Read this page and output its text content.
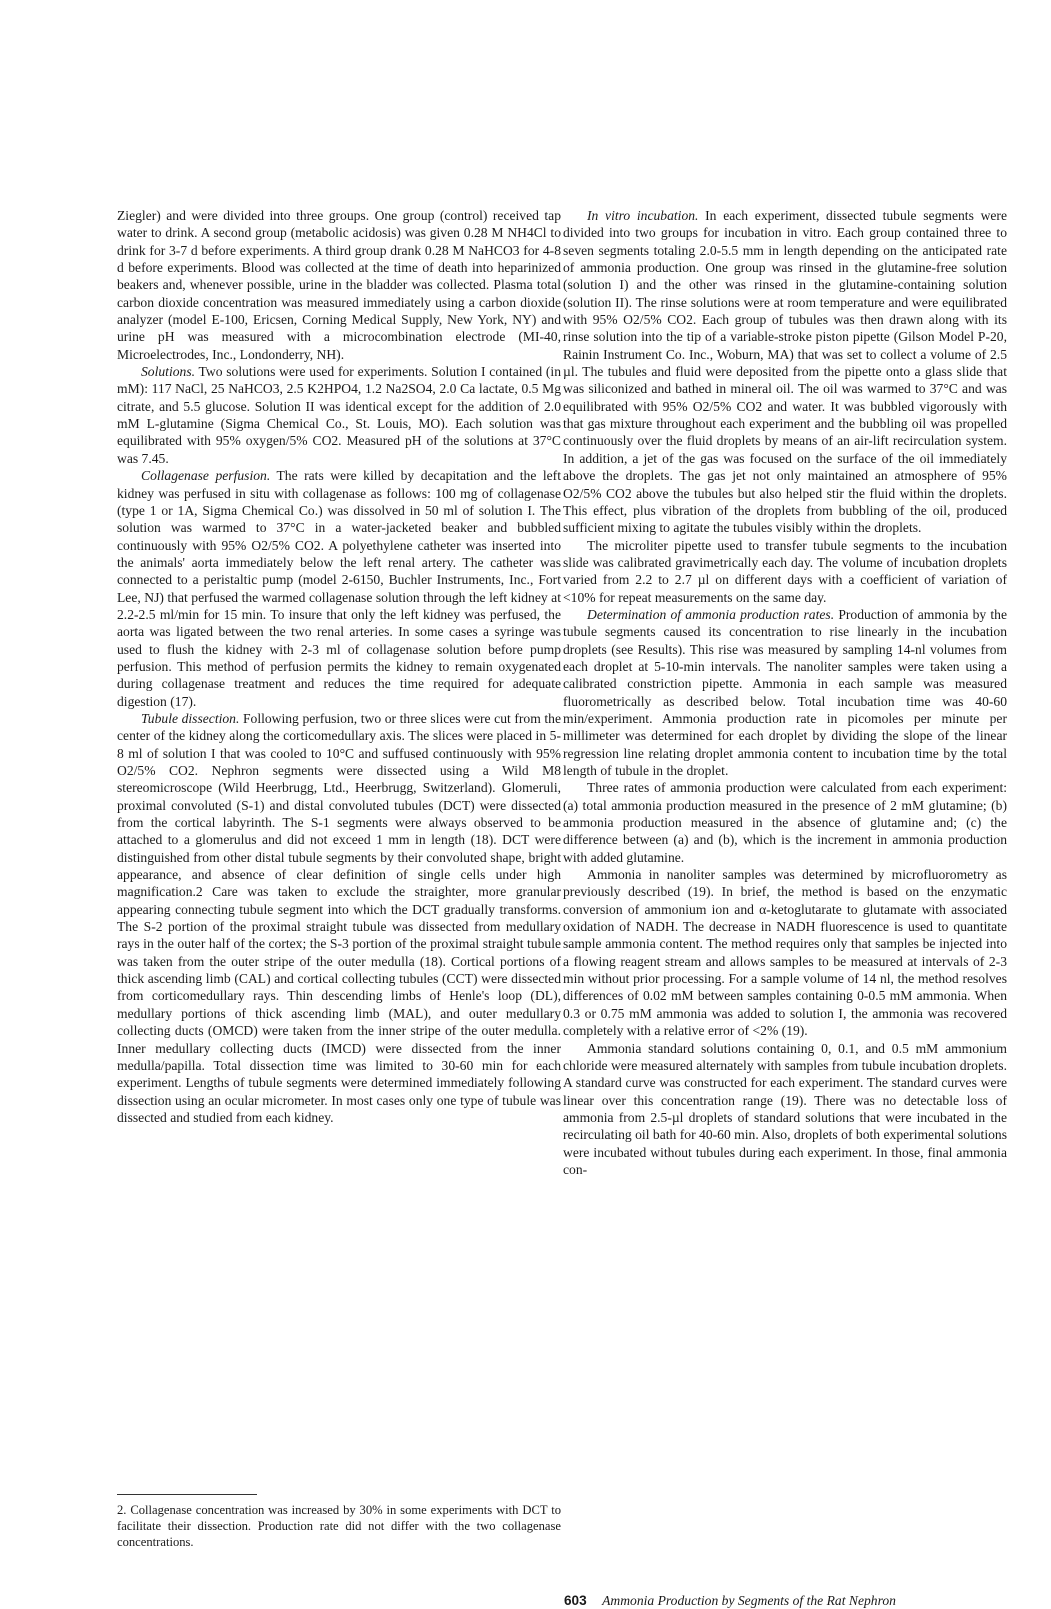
Ziegler) and were divided into three groups. One group (control) received tap water to drink. A second group (metabolic acidosis) was given 0.28 M NH4Cl to drink for 3-7 d before experiments. A third group drank 0.28 M NaHCO3 for 4-8 d before experiments. Blood was collected at the time of death into heparinized beakers and, whenever possible, urine in the bladder was collected. Plasma total carbon dioxide concentration was measured immediately using a carbon dioxide analyzer (model E-100, Ericsen, Corning Medical Supply, New York, NY) and urine pH was measured with a microcombination electrode (MI-40, Microelectrodes, Inc., Londonderry, NH).

Solutions. Two solutions were used for experiments. Solution I contained (in mM): 117 NaCl, 25 NaHCO3, 2.5 K2HPO4, 1.2 Na2SO4, 2.0 Ca lactate, 0.5 Mg citrate, and 5.5 glucose. Solution II was identical except for the addition of 2.0 mM L-glutamine (Sigma Chemical Co., St. Louis, MO). Each solution was equilibrated with 95% oxygen/5% CO2. Measured pH of the solutions at 37°C was 7.45.

Collagenase perfusion. The rats were killed by decapitation and the left kidney was perfused in situ with collagenase as follows: 100 mg of collagenase (type 1 or 1A, Sigma Chemical Co.) was dissolved in 50 ml of solution I. The solution was warmed to 37°C in a water-jacketed beaker and bubbled continuously with 95% O2/5% CO2. A polyethylene catheter was inserted into the animals' aorta immediately below the left renal artery. The catheter was connected to a peristaltic pump (model 2-6150, Buchler Instruments, Inc., Fort Lee, NJ) that perfused the warmed collagenase solution through the left kidney at 2.2-2.5 ml/min for 15 min. To insure that only the left kidney was perfused, the aorta was ligated between the two renal arteries. In some cases a syringe was used to flush the kidney with 2-3 ml of collagenase solution before pump perfusion. This method of perfusion permits the kidney to remain oxygenated during collagenase treatment and reduces the time required for adequate digestion (17).

Tubule dissection. Following perfusion, two or three slices were cut from the center of the kidney along the corticomedullary axis. The slices were placed in 5-8 ml of solution I that was cooled to 10°C and suffused continuously with 95% O2/5% CO2. Nephron segments were dissected using a Wild M8 stereomicroscope (Wild Heerbrugg, Ltd., Heerbrugg, Switzerland). Glomeruli, proximal convoluted (S-1) and distal convoluted tubules (DCT) were dissected from the cortical labyrinth. The S-1 segments were always observed to be attached to a glomerulus and did not exceed 1 mm in length (18). DCT were distinguished from other distal tubule segments by their convoluted shape, bright appearance, and absence of clear definition of single cells under high magnification.2 Care was taken to exclude the straighter, more granular appearing connecting tubule segment into which the DCT gradually transforms. The S-2 portion of the proximal straight tubule was dissected from medullary rays in the outer half of the cortex; the S-3 portion of the proximal straight tubule was taken from the outer stripe of the outer medulla (18). Cortical portions of thick ascending limb (CAL) and cortical collecting tubules (CCT) were dissected from corticomedullary rays. Thin descending limbs of Henle's loop (DL), medullary portions of thick ascending limb (MAL), and outer medullary collecting ducts (OMCD) were taken from the inner stripe of the outer medulla. Inner medullary collecting ducts (IMCD) were dissected from the inner medulla/papilla. Total dissection time was limited to 30-60 min for each experiment. Lengths of tubule segments were determined immediately following dissection using an ocular micrometer. In most cases only one type of tubule was dissected and studied from each kidney.

In vitro incubation. In each experiment, dissected tubule segments were divided into two groups for incubation in vitro. Each group contained three to seven segments totaling 2.0-5.5 mm in length depending on the anticipated rate of ammonia production. One group was rinsed in the glutamine-free solution (solution I) and the other was rinsed in the glutamine-containing solution (solution II). The rinse solutions were at room temperature and were equilibrated with 95% O2/5% CO2. Each group of tubules was then drawn along with its rinse solution into the tip of a variable-stroke piston pipette (Gilson Model P-20, Rainin Instrument Co. Inc., Woburn, MA) that was set to collect a volume of 2.5 µl. The tubules and fluid were deposited from the pipette onto a glass slide that was siliconized and bathed in mineral oil. The oil was warmed to 37°C and was equilibrated with 95% O2/5% CO2 and water. It was bubbled vigorously with that gas mixture throughout each experiment and the bubbling oil was propelled continuously over the fluid droplets by means of an air-lift recirculation system. In addition, a jet of the gas was focused on the surface of the oil immediately above the droplets. The gas jet not only maintained an atmosphere of 95% O2/5% CO2 above the tubules but also helped stir the fluid within the droplets. This effect, plus vibration of the droplets from bubbling of the oil, produced sufficient mixing to agitate the tubules visibly within the droplets.

The microliter pipette used to transfer tubule segments to the incubation slide was calibrated gravimetrically each day. The volume of incubation droplets varied from 2.2 to 2.7 µl on different days with a coefficient of variation of <10% for repeat measurements on the same day.

Determination of ammonia production rates. Production of ammonia by the tubule segments caused its concentration to rise linearly in the incubation droplets (see Results). This rise was measured by sampling 14-nl volumes from each droplet at 5-10-min intervals. The nanoliter samples were taken using a calibrated constriction pipette. Ammonia in each sample was measured fluorometrically as described below. Total incubation time was 40-60 min/experiment. Ammonia production rate in picomoles per minute per millimeter was determined for each droplet by dividing the slope of the linear regression line relating droplet ammonia content to incubation time by the total length of tubule in the droplet.

Three rates of ammonia production were calculated from each experiment: (a) total ammonia production measured in the presence of 2 mM glutamine; (b) ammonia production measured in the absence of glutamine and; (c) the difference between (a) and (b), which is the increment in ammonia production with added glutamine.

Ammonia in nanoliter samples was determined by microfluorometry as previously described (19). In brief, the method is based on the enzymatic conversion of ammonium ion and α-ketoglutarate to glutamate with associated oxidation of NADH. The decrease in NADH fluorescence is used to quantitate sample ammonia content. The method requires only that samples be injected into a flowing reagent stream and allows samples to be measured at intervals of 2-3 min without prior processing. For a sample volume of 14 nl, the method resolves differences of 0.02 mM between samples containing 0-0.5 mM ammonia. When 0.3 or 0.75 mM ammonia was added to solution I, the ammonia was recovered completely with a relative error of <2% (19).

Ammonia standard solutions containing 0, 0.1, and 0.5 mM ammonium chloride were measured alternately with samples from tubule incubation droplets. A standard curve was constructed for each experiment. The standard curves were linear over this concentration range (19). There was no detectable loss of ammonia from 2.5-µl droplets of standard solutions that were incubated in the recirculating oil bath for 40-60 min. Also, droplets of both experimental solutions were incubated without tubules during each experiment. In those, final ammonia con-

2. Collagenase concentration was increased by 30% in some experiments with DCT to facilitate their dissection. Production rate did not differ with the two collagenase concentrations.
603 Ammonia Production by Segments of the Rat Nephron
